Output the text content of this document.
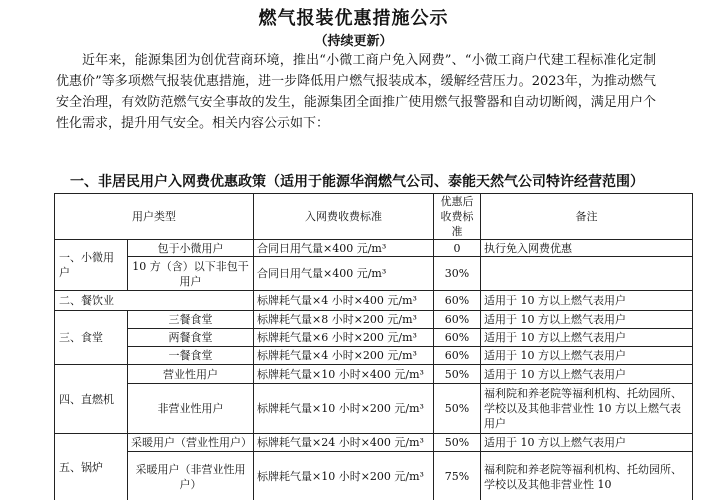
燃气报装优惠措施公示
（持续更新）
近年来，能源集团为创优营商环境，推出“小微工商户免入网费”、“小微工商户代建工程标准化定制优惠价”等多项燃气报装优惠措施，进一步降低用户燃气报装成本，缓解经营压力。2023年，为推动燃气安全治理，有效防范燃气安全事故的发生，能源集团全面推广使用燃气报警器和自动切断阀，满足用户个性化需求，提升用气安全。相关内容公示如下：
一、非居民用户入网费优惠政策（适用于能源华润燃气公司、泰能天然气公司特许经营范围）
用户类型		入网费收费标准	优惠后收费标准	备注
一、小微用户	包于小微用户	合同日用气量×400 元/m³	0	执行免入网费优惠
	10 方（含）以下非包干用户	合同日用气量×400 元/m³	30%	
二、餐饮业		标牌耗气量×4 小时×400 元/m³	60%	适用于 10 方以上燃气表用户
三、食堂	三餐食堂	标牌耗气量×8 小时×200 元/m³	60%	适用于 10 方以上燃气表用户
	两餐食堂	标牌耗气量×6 小时×200 元/m³	60%	适用于 10 方以上燃气表用户
	一餐食堂	标牌耗气量×4 小时×200 元/m³	60%	适用于 10 方以上燃气表用户
四、直燃机	营业性用户	标牌耗气量×10 小时×400 元/m³	50%	适用于 10 方以上燃气表用户
	非营业性用户	标牌耗气量×10 小时×200 元/m³	50%	福利院和养老院等福利机构、托幼园所、学校以及其他非营业性 10 方以上燃气表用户
五、锅炉	采暖用户（营业性用户）	标牌耗气量×24 小时×400 元/m³	50%	适用于 10 方以上燃气表用户
	采暖用户（非营业性用户）	标牌耗气量×10 小时×200 元/m³	75%	福利院和养老院等福利机构、托幼园所、学校以及其他非营业性 10
